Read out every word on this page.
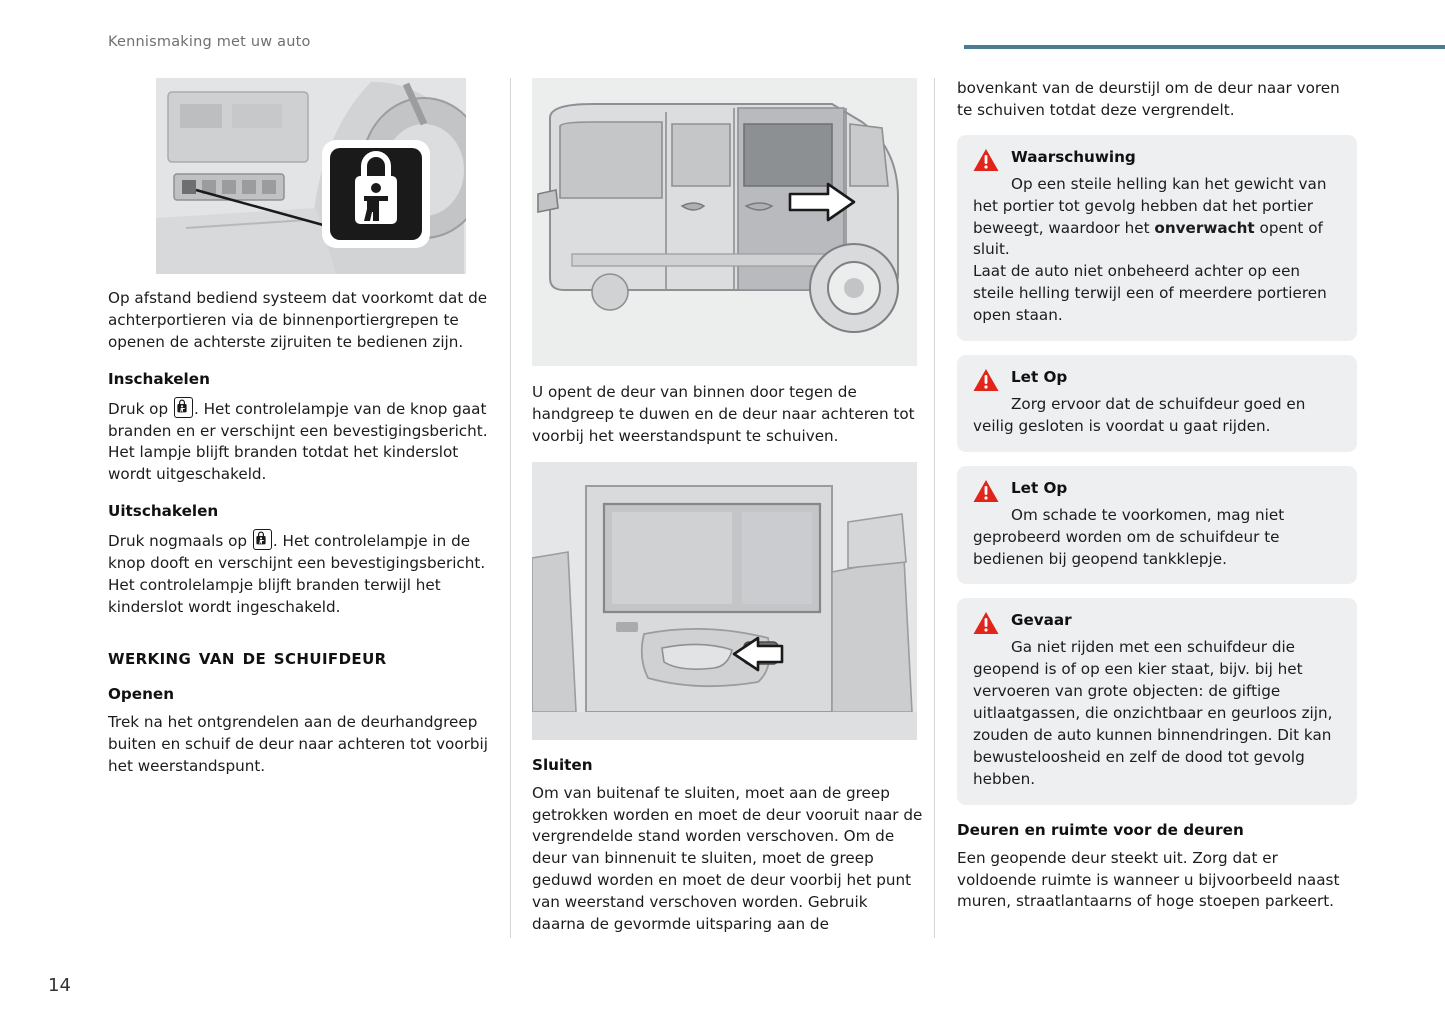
Kennismaking met uw auto

Op afstand bediend systeem dat voorkomt dat de achterportieren via de binnenportiergrepen te openen de achterste zijruiten te bedienen zijn.

Inschakelen

Druk op
. Het controlelampje van de knop gaat branden en er verschijnt een bevestigingsbericht. Het lampje blijft branden totdat het kinderslot wordt uitgeschakeld.

Uitschakelen

Druk nogmaals op
. Het controlelampje in de knop dooft en verschijnt een bevestigingsbericht. Het controlelampje blijft branden terwijl het kinderslot wordt ingeschakeld.

werking van de schuifdeur
Openen

Trek na het ontgrendelen aan de deurhandgreep buiten en schuif de deur naar achteren tot voorbij het weerstandspunt.

U opent de deur van binnen door tegen de handgreep te duwen en de deur naar achteren tot voorbij het weerstandspunt te schuiven.

Sluiten

Om van buitenaf te sluiten, moet aan de greep getrokken worden en moet de deur vooruit naar de vergrendelde stand worden verschoven. Om de deur van binnenuit te sluiten, moet de greep geduwd worden en moet de deur voorbij het punt van weerstand verschoven worden. Gebruik daarna de gevormde uitsparing aan de

bovenkant van de deurstijl om de deur naar voren te schuiven totdat deze vergrendelt.

Waarschuwing

Op een steile helling kan het gewicht van het portier tot gevolg hebben dat het portier beweegt, waardoor het onverwacht opent of sluit.

Laat de auto niet onbeheerd achter op een steile helling terwijl een of meerdere portieren open staan.

Let Op

Zorg ervoor dat de schuifdeur goed en veilig gesloten is voordat u gaat rijden.

Let Op

Om schade te voorkomen, mag niet geprobeerd worden om de schuifdeur te bedienen bij geopend tankklepje.

Gevaar

Ga niet rijden met een schuifdeur die geopend is of op een kier staat, bijv. bij het vervoeren van grote objecten: de giftige uitlaatgassen, die onzichtbaar en geurloos zijn, zouden de auto kunnen binnendringen. Dit kan bewusteloosheid en zelf de dood tot gevolg hebben.

Deuren en ruimte voor de deuren

Een geopende deur steekt uit. Zorg dat er voldoende ruimte is wanneer u bijvoorbeeld naast muren, straatlantaarns of hoge stoepen parkeert.

14
